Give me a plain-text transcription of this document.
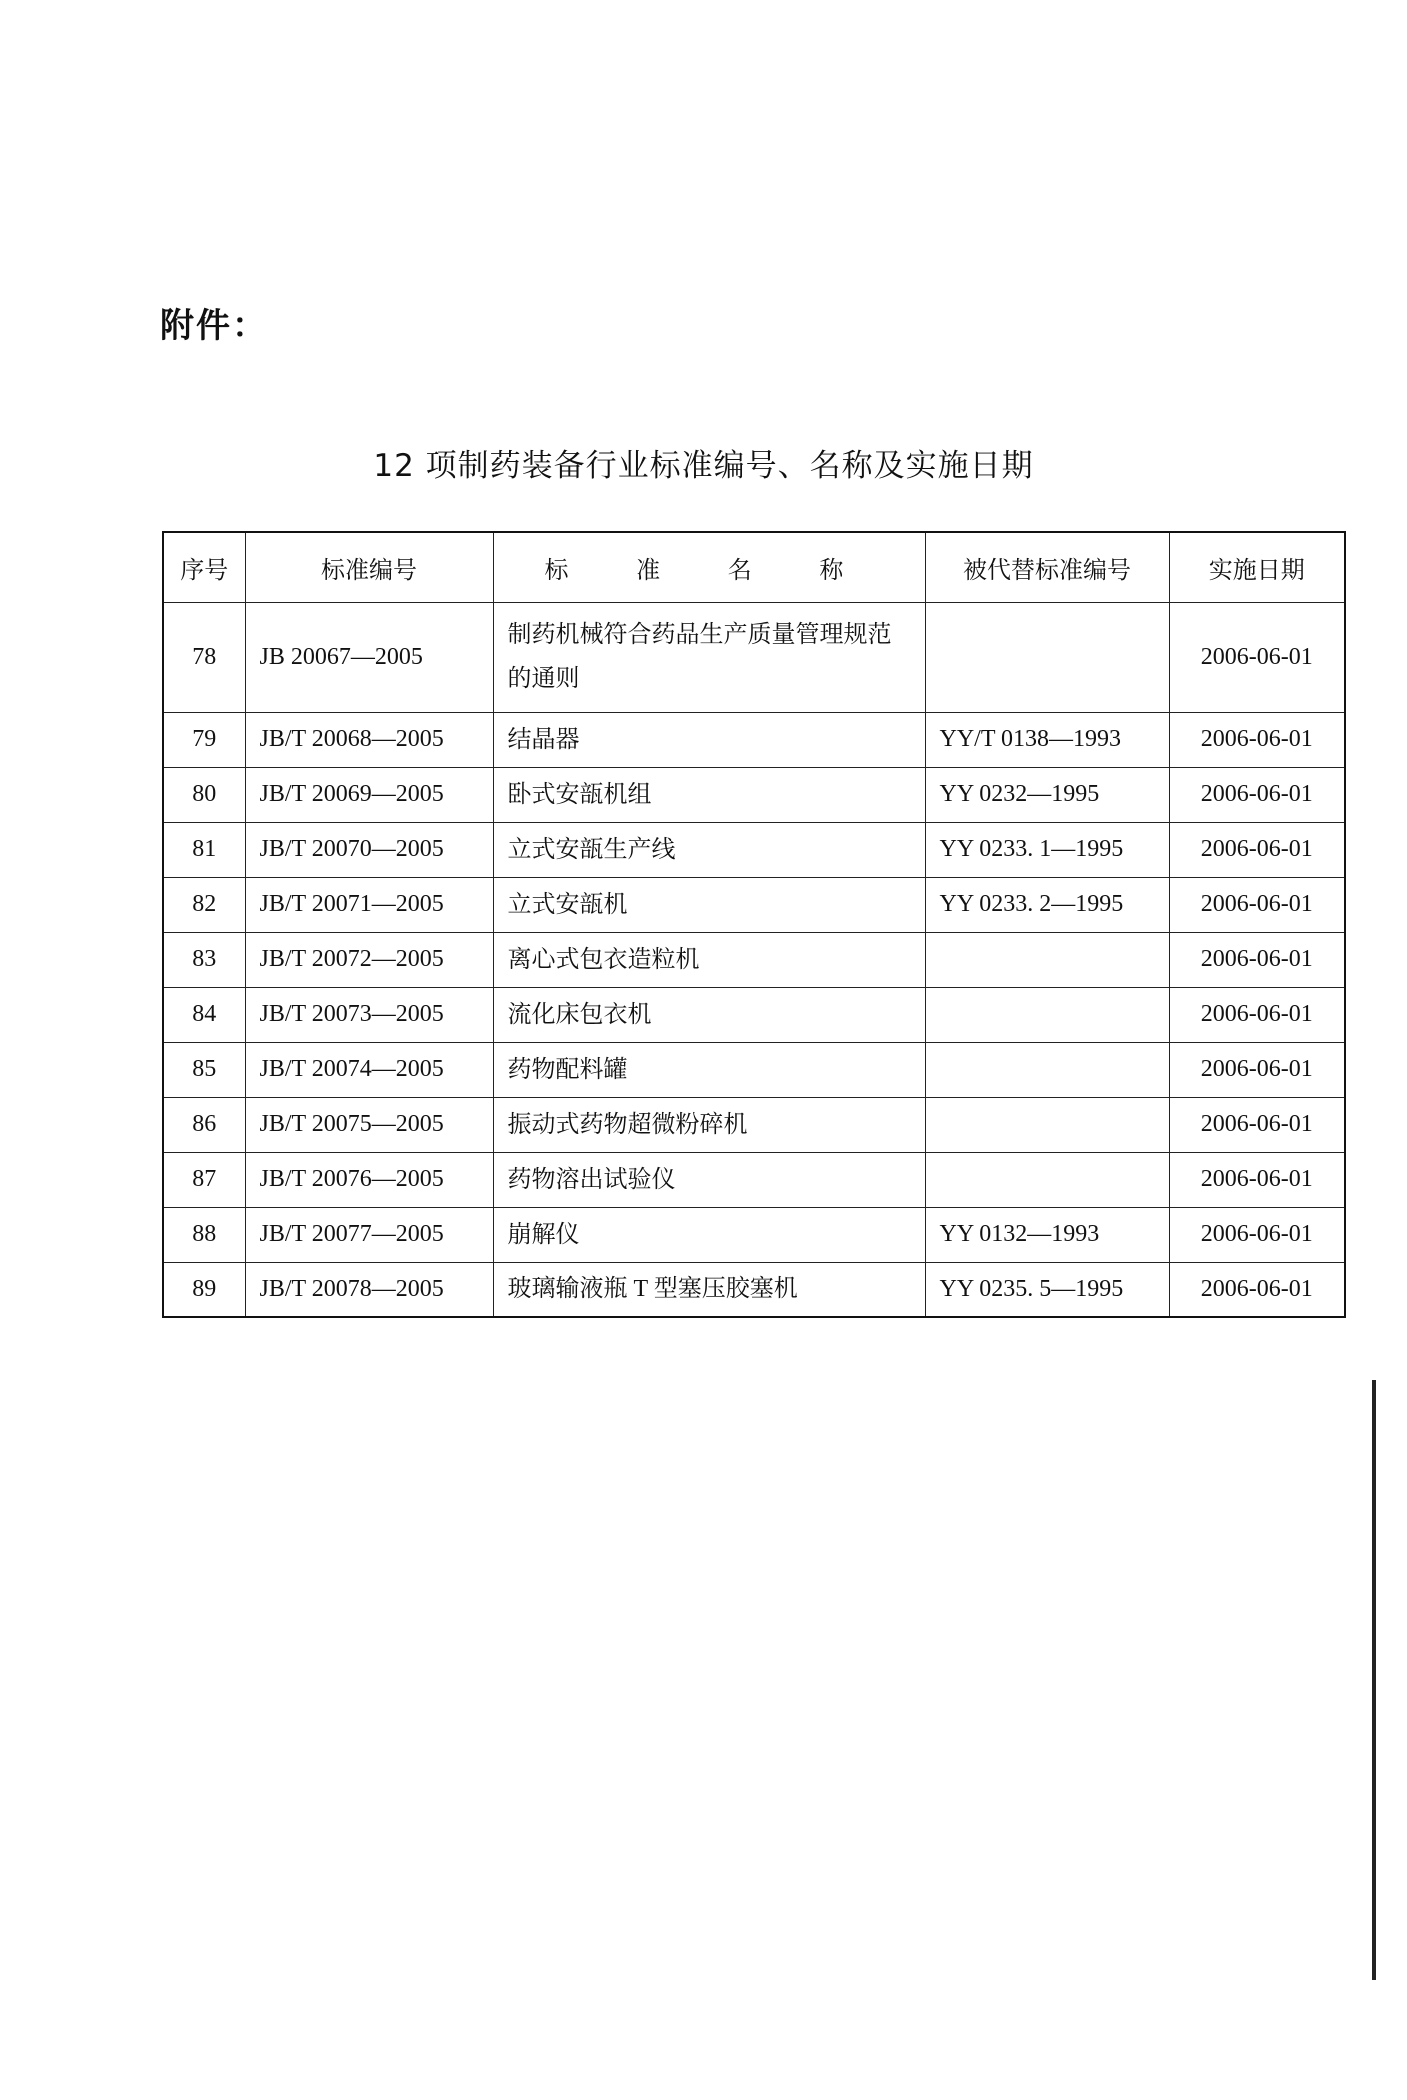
附件：
12 项制药装备行业标准编号、名称及实施日期
序号	标准编号	标 准 名 称	被代替标准编号	实施日期
78	JB 20067—2005	制药机械符合药品生产质量管理规范的通则		2006-06-01
79	JB/T 20068—2005	结晶器	YY/T 0138—1993	2006-06-01
80	JB/T 20069—2005	卧式安瓿机组	YY 0232—1995	2006-06-01
81	JB/T 20070—2005	立式安瓿生产线	YY 0233. 1—1995	2006-06-01
82	JB/T 20071—2005	立式安瓿机	YY 0233. 2—1995	2006-06-01
83	JB/T 20072—2005	离心式包衣造粒机		2006-06-01
84	JB/T 20073—2005	流化床包衣机		2006-06-01
85	JB/T 20074—2005	药物配料罐		2006-06-01
86	JB/T 20075—2005	振动式药物超微粉碎机		2006-06-01
87	JB/T 20076—2005	药物溶出试验仪		2006-06-01
88	JB/T 20077—2005	崩解仪	YY 0132—1993	2006-06-01
89	JB/T 20078—2005	玻璃输液瓶 T 型塞压胶塞机	YY 0235. 5—1995	2006-06-01
